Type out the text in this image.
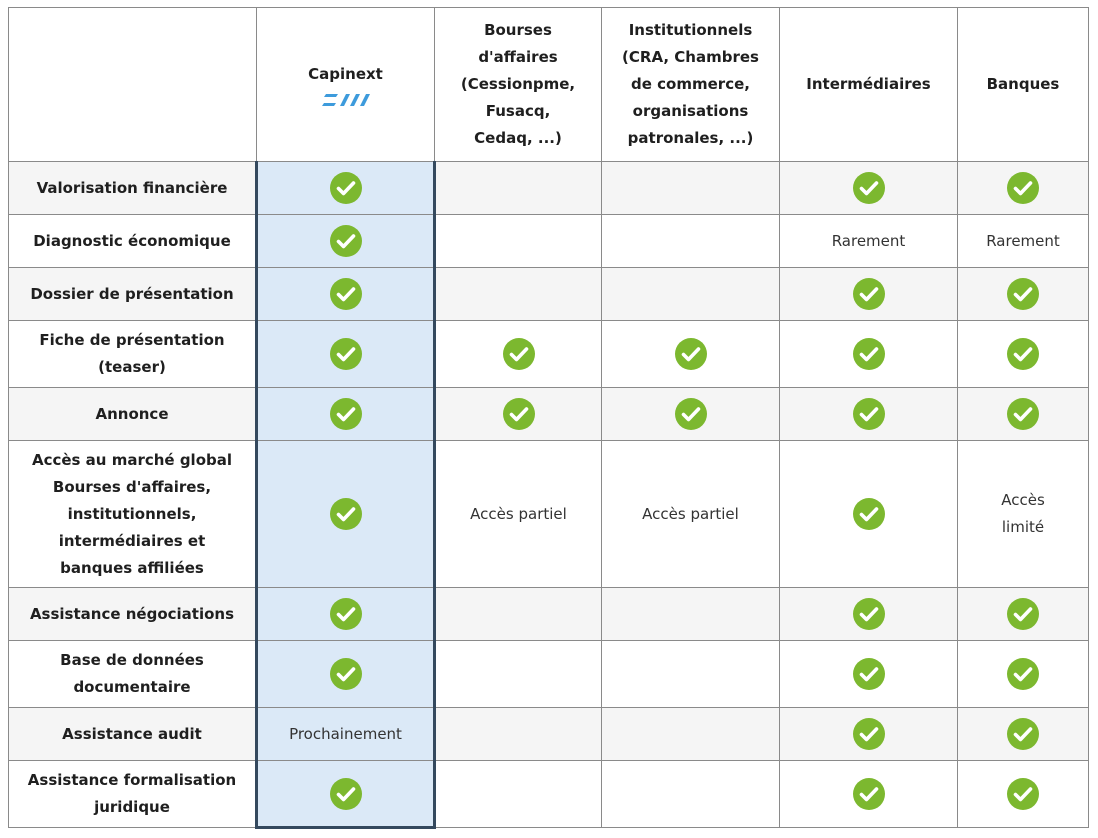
	Capinext	Bourses
d'affaires
(Cessionpme,
Fusacq,
Cedaq, ...)	Institutionnels
(CRA, Chambres
de commerce,
organisations
patronales, ...)	Intermédiaires	Banques
Valorisation financière					
Diagnostic économique				Rarement	Rarement
Dossier de présentation					
Fiche de présentation
(teaser)					
Annonce					
Accès au marché global
Bourses d'affaires,
institutionnels,
intermédiaires et
banques affiliées		Accès partiel	Accès partiel		Accès
limité
Assistance négociations					
Base de données
documentaire					
Assistance audit	Prochainement				
Assistance formalisation
juridique					
